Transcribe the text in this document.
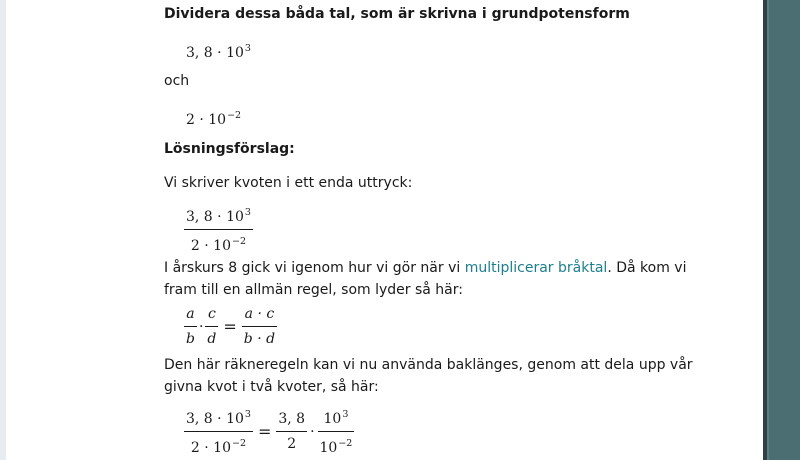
Dividera dessa båda tal, som är skrivna i grundpotensform
3, $8 \cdot 10^3$
och
$2 \cdot 10^{-2}$
Lösningsförslag:
Vi skriver kvoten i ett enda uttryck:
$\frac{3, 8 \cdot 10^3}{2 \cdot 10^{-2}}$
I årskurs 8 gick vi igenom hur vi gör när vi multiplicerar bråktal. Då kom vi
fram till en allmän regel, som lyder så här:
$\frac{a}{b} \cdot \frac{c}{d} = \frac{a \cdot c}{b \cdot d}$
Den här räkneregeln kan vi nu använda baklänges, genom att dela upp vår
givna kvot i två kvoter, så här:
$\frac{3, 8 \cdot 10^3}{2 \cdot 10^{-2}} = \frac{3, 8}{2} \cdot \frac{10^3}{10^{-2}}$
